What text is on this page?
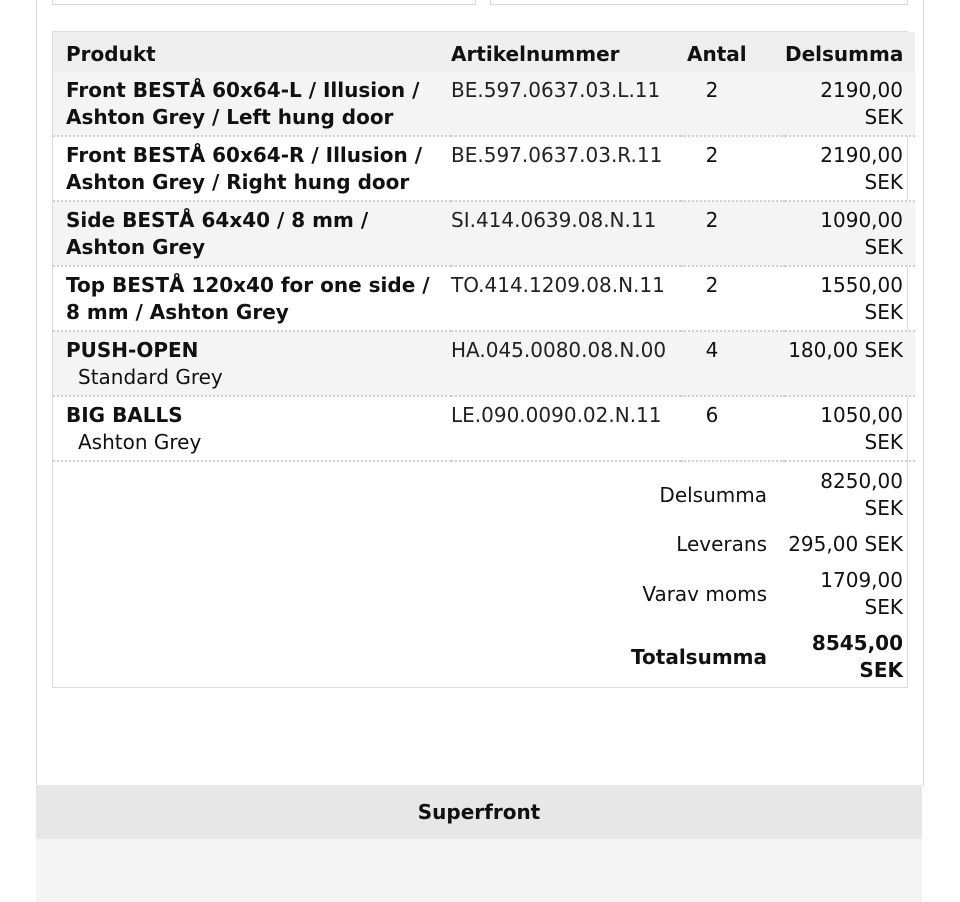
Produkt	Artikelnummer	Antal	Delsumma

Front BESTÅ 60x64-L / Illusion / Ashton Grey / Left hung door	BE.597.0637.03.L.11	2	2190,00 SEK

Front BESTÅ 60x64-R / Illusion / Ashton Grey / Right hung door	BE.597.0637.03.R.11	2	2190,00 SEK

Side BESTÅ 64x40 / 8 mm / Ashton Grey	SI.414.0639.08.N.11	2	1090,00 SEK

Top BESTÅ 120x40 for one side / 8 mm / Ashton Grey	TO.414.1209.08.N.11	2	1550,00 SEK

PUSH-OPEN
Standard Grey	HA.045.0080.08.N.00	4	180,00 SEK

BIG BALLS
Ashton Grey	LE.090.0090.02.N.11	6	1050,00 SEK
Delsumma			8250,00 SEK
Leverans			295,00 SEK
Varav moms			1709,00 SEK
Totalsumma			8545,00 SEK
Superfront
